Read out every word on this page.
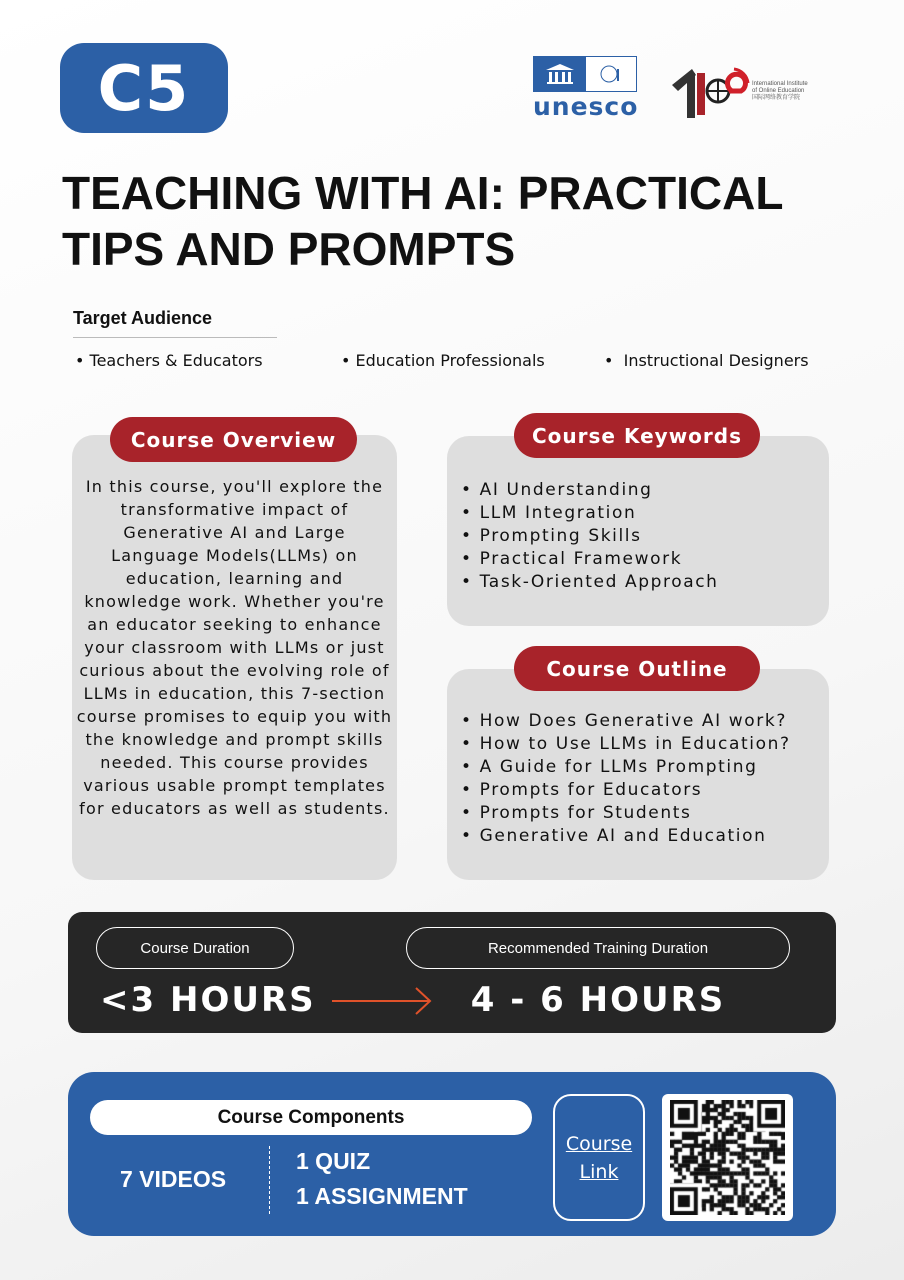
C5	unesco
International Institute
of Online Education
国际网络教育学院
TEACHING WITH AI: PRACTICAL TIPS AND PROMPTS
Target Audience
• Teachers & Educators	• Education Professionals	•  Instructional Designers

In this course, you'll explore the transformative impact of Generative AI and Large Language Models(LLMs) on education, learning and knowledge work. Whether you're an educator seeking to enhance your classroom with LLMs or just curious about the evolving role of LLMs in education, this 7-section course promises to equip you with the knowledge and prompt skills needed. This course provides various usable prompt templates for educators as well as students.

Course Overview
• AI Understanding
• LLM Integration
• Prompting Skills
• Practical Framework
• Task-Oriented Approach
Course Keywords
• How Does Generative AI work?
• How to Use LLMs in Education?
• A Guide for LLMs Prompting
• Prompts for Educators
• Prompts for Students
• Generative AI and Education
Course Outline
Course Duration
<3 HOURS
Recommended Training Duration
4 - 6 HOURS
Course Components
7 VIDEOS
1 QUIZ
1 ASSIGNMENT
Course
Link
